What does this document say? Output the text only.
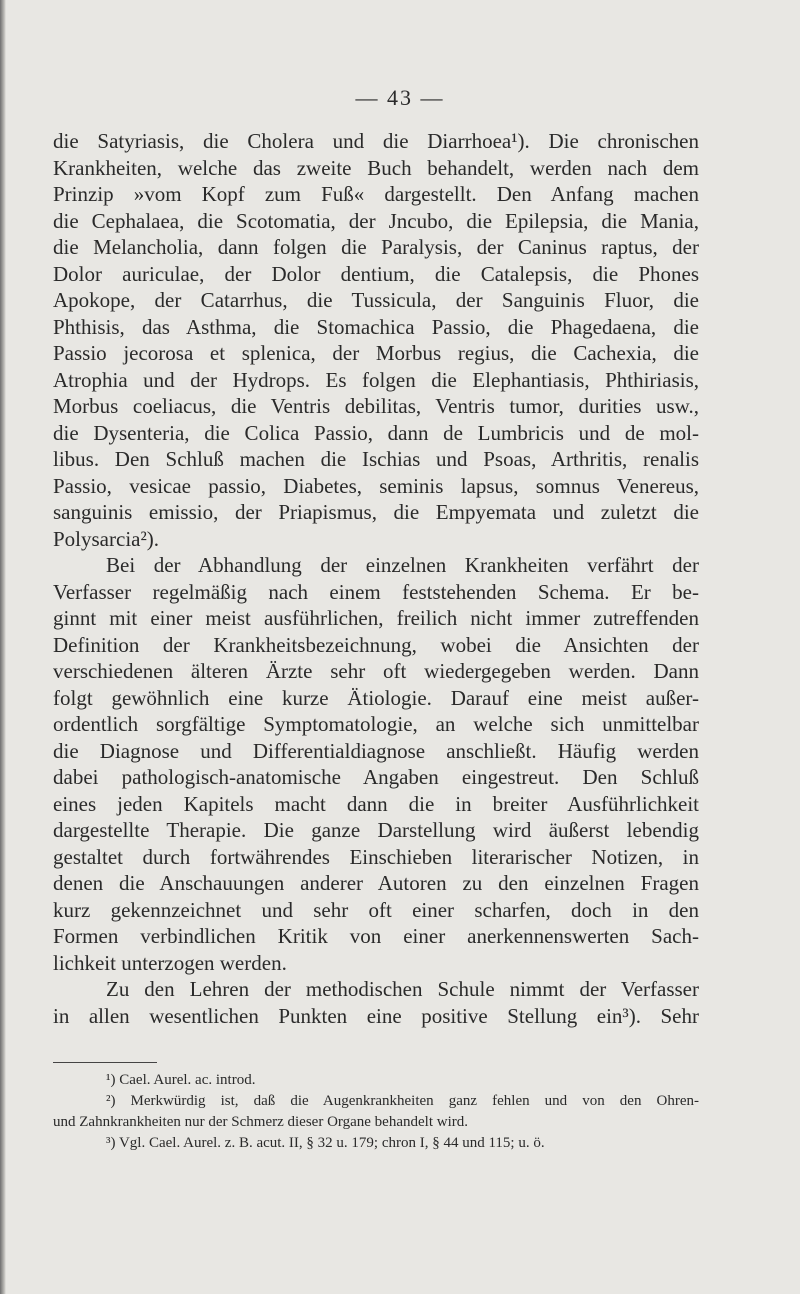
— 43 —

die Satyriasis, die Cholera und die Diarrhoea¹). Die chronischen
Krankheiten, welche das zweite Buch behandelt, werden nach dem
Prinzip »vom Kopf zum Fuß« dargestellt. Den Anfang machen
die Cephalaea, die Scotomatia, der Jncubo, die Epilepsia, die Mania,
die Melancholia, dann folgen die Paralysis, der Caninus raptus, der
Dolor auriculae, der Dolor dentium, die Catalepsis, die Phones
Apokope, der Catarrhus, die Tussicula, der Sanguinis Fluor, die
Phthisis, das Asthma, die Stomachica Passio, die Phagedaena, die
Passio jecorosa et splenica, der Morbus regius, die Cachexia, die
Atrophia und der Hydrops. Es folgen die Elephantiasis, Phthiriasis,
Morbus coeliacus, die Ventris debilitas, Ventris tumor, durities usw.,
die Dysenteria, die Colica Passio, dann de Lumbricis und de mol-
libus. Den Schluß machen die Ischias und Psoas, Arthritis, renalis
Passio, vesicae passio, Diabetes, seminis lapsus, somnus Venereus,
sanguinis emissio, der Priapismus, die Empyemata und zuletzt die
Polysarcia²).

Bei der Abhandlung der einzelnen Krankheiten verfährt der
Verfasser regelmäßig nach einem feststehenden Schema. Er be-
ginnt mit einer meist ausführlichen, freilich nicht immer zutreffenden
Definition der Krankheitsbezeichnung, wobei die Ansichten der
verschiedenen älteren Ärzte sehr oft wiedergegeben werden. Dann
folgt gewöhnlich eine kurze Ätiologie. Darauf eine meist außer-
ordentlich sorgfältige Symptomatologie, an welche sich unmittelbar
die Diagnose und Differentialdiagnose anschließt. Häufig werden
dabei pathologisch-anatomische Angaben eingestreut. Den Schluß
eines jeden Kapitels macht dann die in breiter Ausführlichkeit
dargestellte Therapie. Die ganze Darstellung wird äußerst lebendig
gestaltet durch fortwährendes Einschieben literarischer Notizen, in
denen die Anschauungen anderer Autoren zu den einzelnen Fragen
kurz gekennzeichnet und sehr oft einer scharfen, doch in den
Formen verbindlichen Kritik von einer anerkennenswerten Sach-
lichkeit unterzogen werden.

Zu den Lehren der methodischen Schule nimmt der Verfasser
in allen wesentlichen Punkten eine positive Stellung ein³). Sehr

¹) Cael. Aurel. ac. introd.

²) Merkwürdig ist, daß die Augenkrankheiten ganz fehlen und von den Ohren-
und Zahnkrankheiten nur der Schmerz dieser Organe behandelt wird.

³) Vgl. Cael. Aurel. z. B. acut. II, § 32 u. 179; chron I, § 44 und 115; u. ö.
